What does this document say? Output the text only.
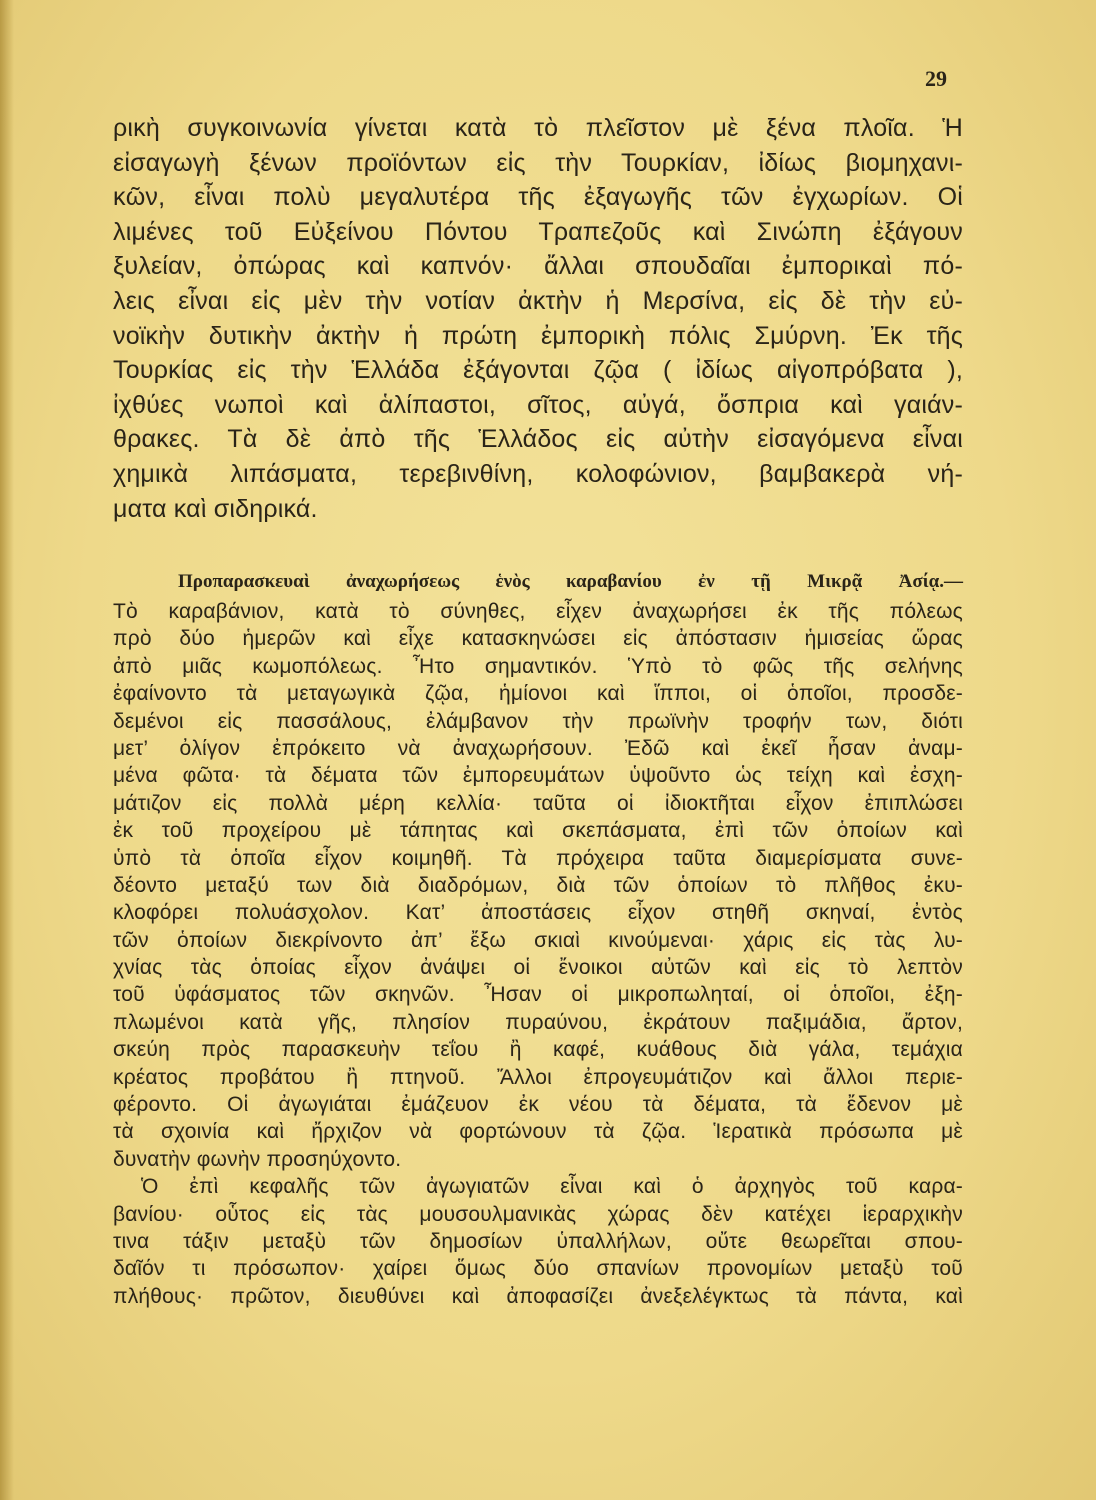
29
ρικὴ συγκοινωνία γίνεται κατὰ τὸ πλεῖστον μὲ ξένα πλοῖα. Ἡ
εἰσαγωγὴ ξένων προϊόντων εἰς τὴν Τουρκίαν, ἰδίως βιομηχανι-
κῶν, εἶναι πολὺ μεγαλυτέρα τῆς ἐξαγωγῆς τῶν ἐγχωρίων. Οἱ
λιμένες τοῦ Εὐξείνου Πόντου Τραπεζοῦς καὶ Σινώπη ἐξάγουν
ξυλείαν, ὀπώρας καὶ καπνόν· ἄλλαι σπουδαῖαι ἐμπορικαὶ πό-
λεις εἶναι εἰς μὲν τὴν νοτίαν ἀκτὴν ἡ Μερσίνα, εἰς δὲ τὴν εὐ-
νοϊκὴν δυτικὴν ἀκτὴν ἡ πρώτη ἐμπορικὴ πόλις Σμύρνη. Ἐκ τῆς
Τουρκίας εἰς τὴν Ἑλλάδα ἐξάγονται ζῷα ( ἰδίως αἰγοπρόβατα ),
ἰχθύες νωποὶ καὶ ἁλίπαστοι, σῖτος, αὐγά, ὄσπρια καὶ γαιάν-
θρακες. Τὰ δὲ ἀπὸ τῆς Ἑλλάδος εἰς αὐτὴν εἰσαγόμενα εἶναι
χημικὰ λιπάσματα, τερεβινθίνη, κολοφώνιον, βαμβακερὰ νή-
ματα καὶ σιδηρικά.
Προπαρασκευαὶ ἀναχωρήσεως ἑνὸς καραβανίου ἐν τῇ Μικρᾷ Ἀσίᾳ.—
Τὸ καραβάνιον, κατὰ τὸ σύνηθες, εἶχεν ἀναχωρήσει ἐκ τῆς πόλεως
πρὸ δύο ἡμερῶν καὶ εἶχε κατασκηνώσει εἰς ἀπόστασιν ἡμισείας ὥρας
ἀπὸ μιᾶς κωμοπόλεως. Ἦτο σημαντικόν. Ὑπὸ τὸ φῶς τῆς σελήνης
ἐφαίνοντο τὰ μεταγωγικὰ ζῷα, ἡμίονοι καὶ ἵπποι, οἱ ὁποῖοι, προσδε-
δεμένοι εἰς πασσάλους, ἐλάμβανον τὴν πρωϊνὴν τροφήν των, διότι
μετ’ ὀλίγον ἐπρόκειτο νὰ ἀναχωρήσουν. Ἐδῶ καὶ ἐκεῖ ἦσαν ἀναμ-
μένα φῶτα· τὰ δέματα τῶν ἐμπορευμάτων ὑψοῦντο ὡς τείχη καὶ ἐσχη-
μάτιζον εἰς πολλὰ μέρη κελλία· ταῦτα οἱ ἰδιοκτῆται εἶχον ἐπιπλώσει
ἐκ τοῦ προχείρου μὲ τάπητας καὶ σκεπάσματα, ἐπὶ τῶν ὁποίων καὶ
ὑπὸ τὰ ὁποῖα εἶχον κοιμηθῆ. Τὰ πρόχειρα ταῦτα διαμερίσματα συνε-
δέοντο μεταξύ των διὰ διαδρόμων, διὰ τῶν ὁποίων τὸ πλῆθος ἐκυ-
κλοφόρει πολυάσχολον. Κατ’ ἀποστάσεις εἶχον στηθῆ σκηναί, ἐντὸς
τῶν ὁποίων διεκρίνοντο ἀπ’ ἔξω σκιαὶ κινούμεναι· χάρις εἰς τὰς λυ-
χνίας τὰς ὁποίας εἶχον ἀνάψει οἱ ἔνοικοι αὐτῶν καὶ εἰς τὸ λεπτὸν
τοῦ ὑφάσματος τῶν σκηνῶν. Ἦσαν οἱ μικροπωληταί, οἱ ὁποῖοι, ἐξη-
πλωμένοι κατὰ γῆς, πλησίον πυραύνου, ἐκράτουν παξιμάδια, ἄρτον,
σκεύη πρὸς παρασκευὴν τεΐου ἢ καφέ, κυάθους διὰ γάλα, τεμάχια
κρέατος προβάτου ἢ πτηνοῦ. Ἄλλοι ἐπρογευμάτιζον καὶ ἄλλοι περιε-
φέροντο. Οἱ ἀγωγιάται ἐμάζευον ἐκ νέου τὰ δέματα, τὰ ἔδενον μὲ
τὰ σχοινία καὶ ἤρχιζον νὰ φορτώνουν τὰ ζῷα. Ἱερατικὰ πρόσωπα μὲ
δυνατὴν φωνὴν προσηύχοντο.
Ὁ ἐπὶ κεφαλῆς τῶν ἀγωγιατῶν εἶναι καὶ ὁ ἀρχηγὸς τοῦ καρα-
βανίου· οὗτος εἰς τὰς μουσουλμανικὰς χώρας δὲν κατέχει ἱεραρχικὴν
τινα τάξιν μεταξὺ τῶν δημοσίων ὑπαλλήλων, οὔτε θεωρεῖται σπου-
δαῖόν τι πρόσωπον· χαίρει ὅμως δύο σπανίων προνομίων μεταξὺ τοῦ
πλήθους· πρῶτον, διευθύνει καὶ ἀποφασίζει ἀνεξελέγκτως τὰ πάντα, καὶ
